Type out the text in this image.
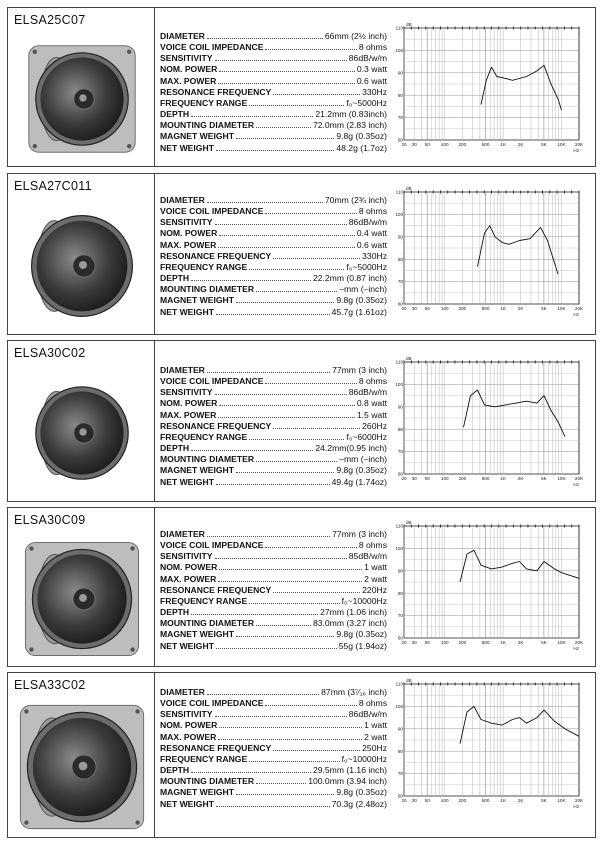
ELSA25C07
DIAMETER	66mm (2½ inch)
VOICE COIL IMPEDANCE	8 ohms
SENSITIVITY	86dB/w/m
NOM. POWER	0.3 watt
MAX. POWER	0.6 watt
RESONANCE FREQUENCY	330Hz
FREQUENCY RANGE	f₀~5000Hz
DEPTH	21.2mm (0.83inch)
MOUNTING DIAMETER	72.0mm (2.83 inch)
MAGNET WEIGHT	9.8g (0.35oz)
NET WEIGHT	48.2g (1.7oz)
110
100
90
80
70
60
dB
20 30 50 100 200	500 1K	2K	5K 10K 20K
Hz
ELSA27C011
DIAMETER	70mm (2¾ inch)
VOICE COIL IMPEDANCE	8 ohms
SENSITIVITY	86dB/w/m
NOM. POWER	0.4 watt
MAX. POWER	0.6 watt
RESONANCE FREQUENCY	330Hz
FREQUENCY RANGE	f₀~5000Hz
DEPTH	22.2mm (0.87 inch)
MOUNTING DIAMETER	–mm (–inch)
MAGNET WEIGHT	9.8g (0.35oz)
NET WEIGHT	45.7g (1.61oz)
110
100
90
80
70
60
dB
20 30 50 100 200	500 1K	2K	5K 10K 20K
Hz
ELSA30C02
DIAMETER	77mm (3 inch)
VOICE COIL IMPEDANCE	8 ohms
SENSITIVITY	86dB/w/m
NOM. POWER	0.8 watt
MAX. POWER	1.5 watt
RESONANCE FREQUENCY	260Hz
FREQUENCY RANGE	f₀~6000Hz
DEPTH	24.2mm(0.95 inch)
MOUNTING DIAMETER	–mm (–inch)
MAGNET WEIGHT	9.8g (0.35oz)
NET WEIGHT	49.4g (1.74oz)
110
100
90
80
70
60
dB
20 30 50 100 200	500 1K	2K	5K 10K 20K
Hz
ELSA30C09
DIAMETER	77mm (3 inch)
VOICE COIL IMPEDANCE	8 ohms
SENSITIVITY	85dB/w/m
NOM. POWER	1 watt
MAX. POWER	2 watt
RESONANCE FREQUENCY	220Hz
FREQUENCY RANGE	f₀~10000Hz
DEPTH	27mm (1.06 inch)
MOUNTING DIAMETER	83.0mm (3.27 inch)
MAGNET WEIGHT	9.8g (0.35oz)
NET WEIGHT	55g (1.94oz)
110
100
90
80
70
60
dB
20 30 50 100 200	500 1K	2K	5K 10K 20K
Hz
ELSA33C02	DIAMETER	87mm (3⁷⁄₁₆ inch)
VOICE COIL IMPEDANCE	8 ohms
SENSITIVITY	86dB/w/m
NOM. POWER	1 watt
MAX. POWER	2 watt
RESONANCE FREQUENCY	250Hz
FREQUENCY RANGE	f₀~10000Hz
DEPTH	29.5mm (1.16 inch)
MOUNTING DIAMETER	100.0mm (3.94 inch)
MAGNET WEIGHT	9.8g (0.35oz)
NET WEIGHT	70.3g (2.48oz)
110
100
90
80
70
60
dB
20 30 50 100 200	500 1K	2K	5K 10K 20K
Hz
